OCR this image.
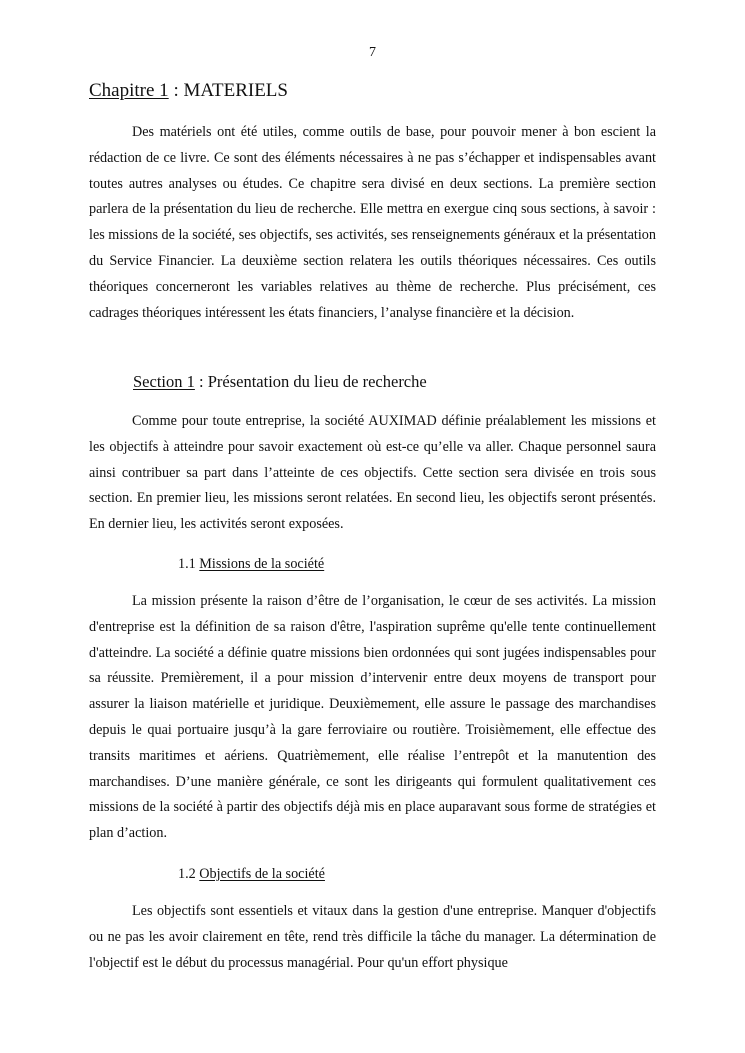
7
Chapitre 1 : MATERIELS

Des matériels ont été utiles, comme outils de base, pour pouvoir mener à bon escient la rédaction de ce livre. Ce sont des éléments nécessaires à ne pas s’échapper et indispensables avant toutes autres analyses ou études. Ce chapitre sera divisé en deux sections. La première section parlera de la présentation du lieu de recherche. Elle mettra en exergue cinq sous sections, à savoir : les missions de la société, ses objectifs, ses activités, ses renseignements généraux et la présentation du Service Financier. La deuxième section relatera les outils théoriques nécessaires. Ces outils théoriques concerneront les variables relatives au thème de recherche. Plus précisément, ces cadrages théoriques intéressent les états financiers, l’analyse financière et la décision.

Section 1 : Présentation du lieu de recherche

Comme pour toute entreprise, la société AUXIMAD définie préalablement les missions et les objectifs à atteindre pour savoir exactement où est-ce qu’elle va aller. Chaque personnel saura ainsi contribuer sa part dans l’atteinte de ces objectifs. Cette section sera divisée en trois sous section. En premier lieu, les missions seront relatées. En second lieu, les objectifs seront présentés. En dernier lieu, les activités seront exposées.

1.1 Missions de la société

La mission présente la raison d’être de l’organisation, le cœur de ses activités. La mission d'entreprise est la définition de sa raison d'être, l'aspiration suprême qu'elle tente continuellement d'atteindre. La société a définie quatre missions bien ordonnées qui sont jugées indispensables pour sa réussite. Premièrement, il a pour mission d’intervenir entre deux moyens de transport pour assurer la liaison matérielle et juridique. Deuxièmement, elle assure le passage des marchandises depuis le quai portuaire jusqu’à la gare ferroviaire ou routière. Troisièmement, elle effectue des transits maritimes et aériens. Quatrièmement, elle réalise l’entrepôt et la manutention des marchandises. D’une manière générale, ce sont les dirigeants qui formulent qualitativement ces missions de la société à partir des objectifs déjà mis en place auparavant sous forme de stratégies et plan d’action.

1.2 Objectifs de la société

Les objectifs sont essentiels et vitaux dans la gestion d'une entreprise. Manquer d'objectifs ou ne pas les avoir clairement en tête, rend très difficile la tâche du manager. La détermination de l'objectif est le début du processus managérial. Pour qu'un effort physique
